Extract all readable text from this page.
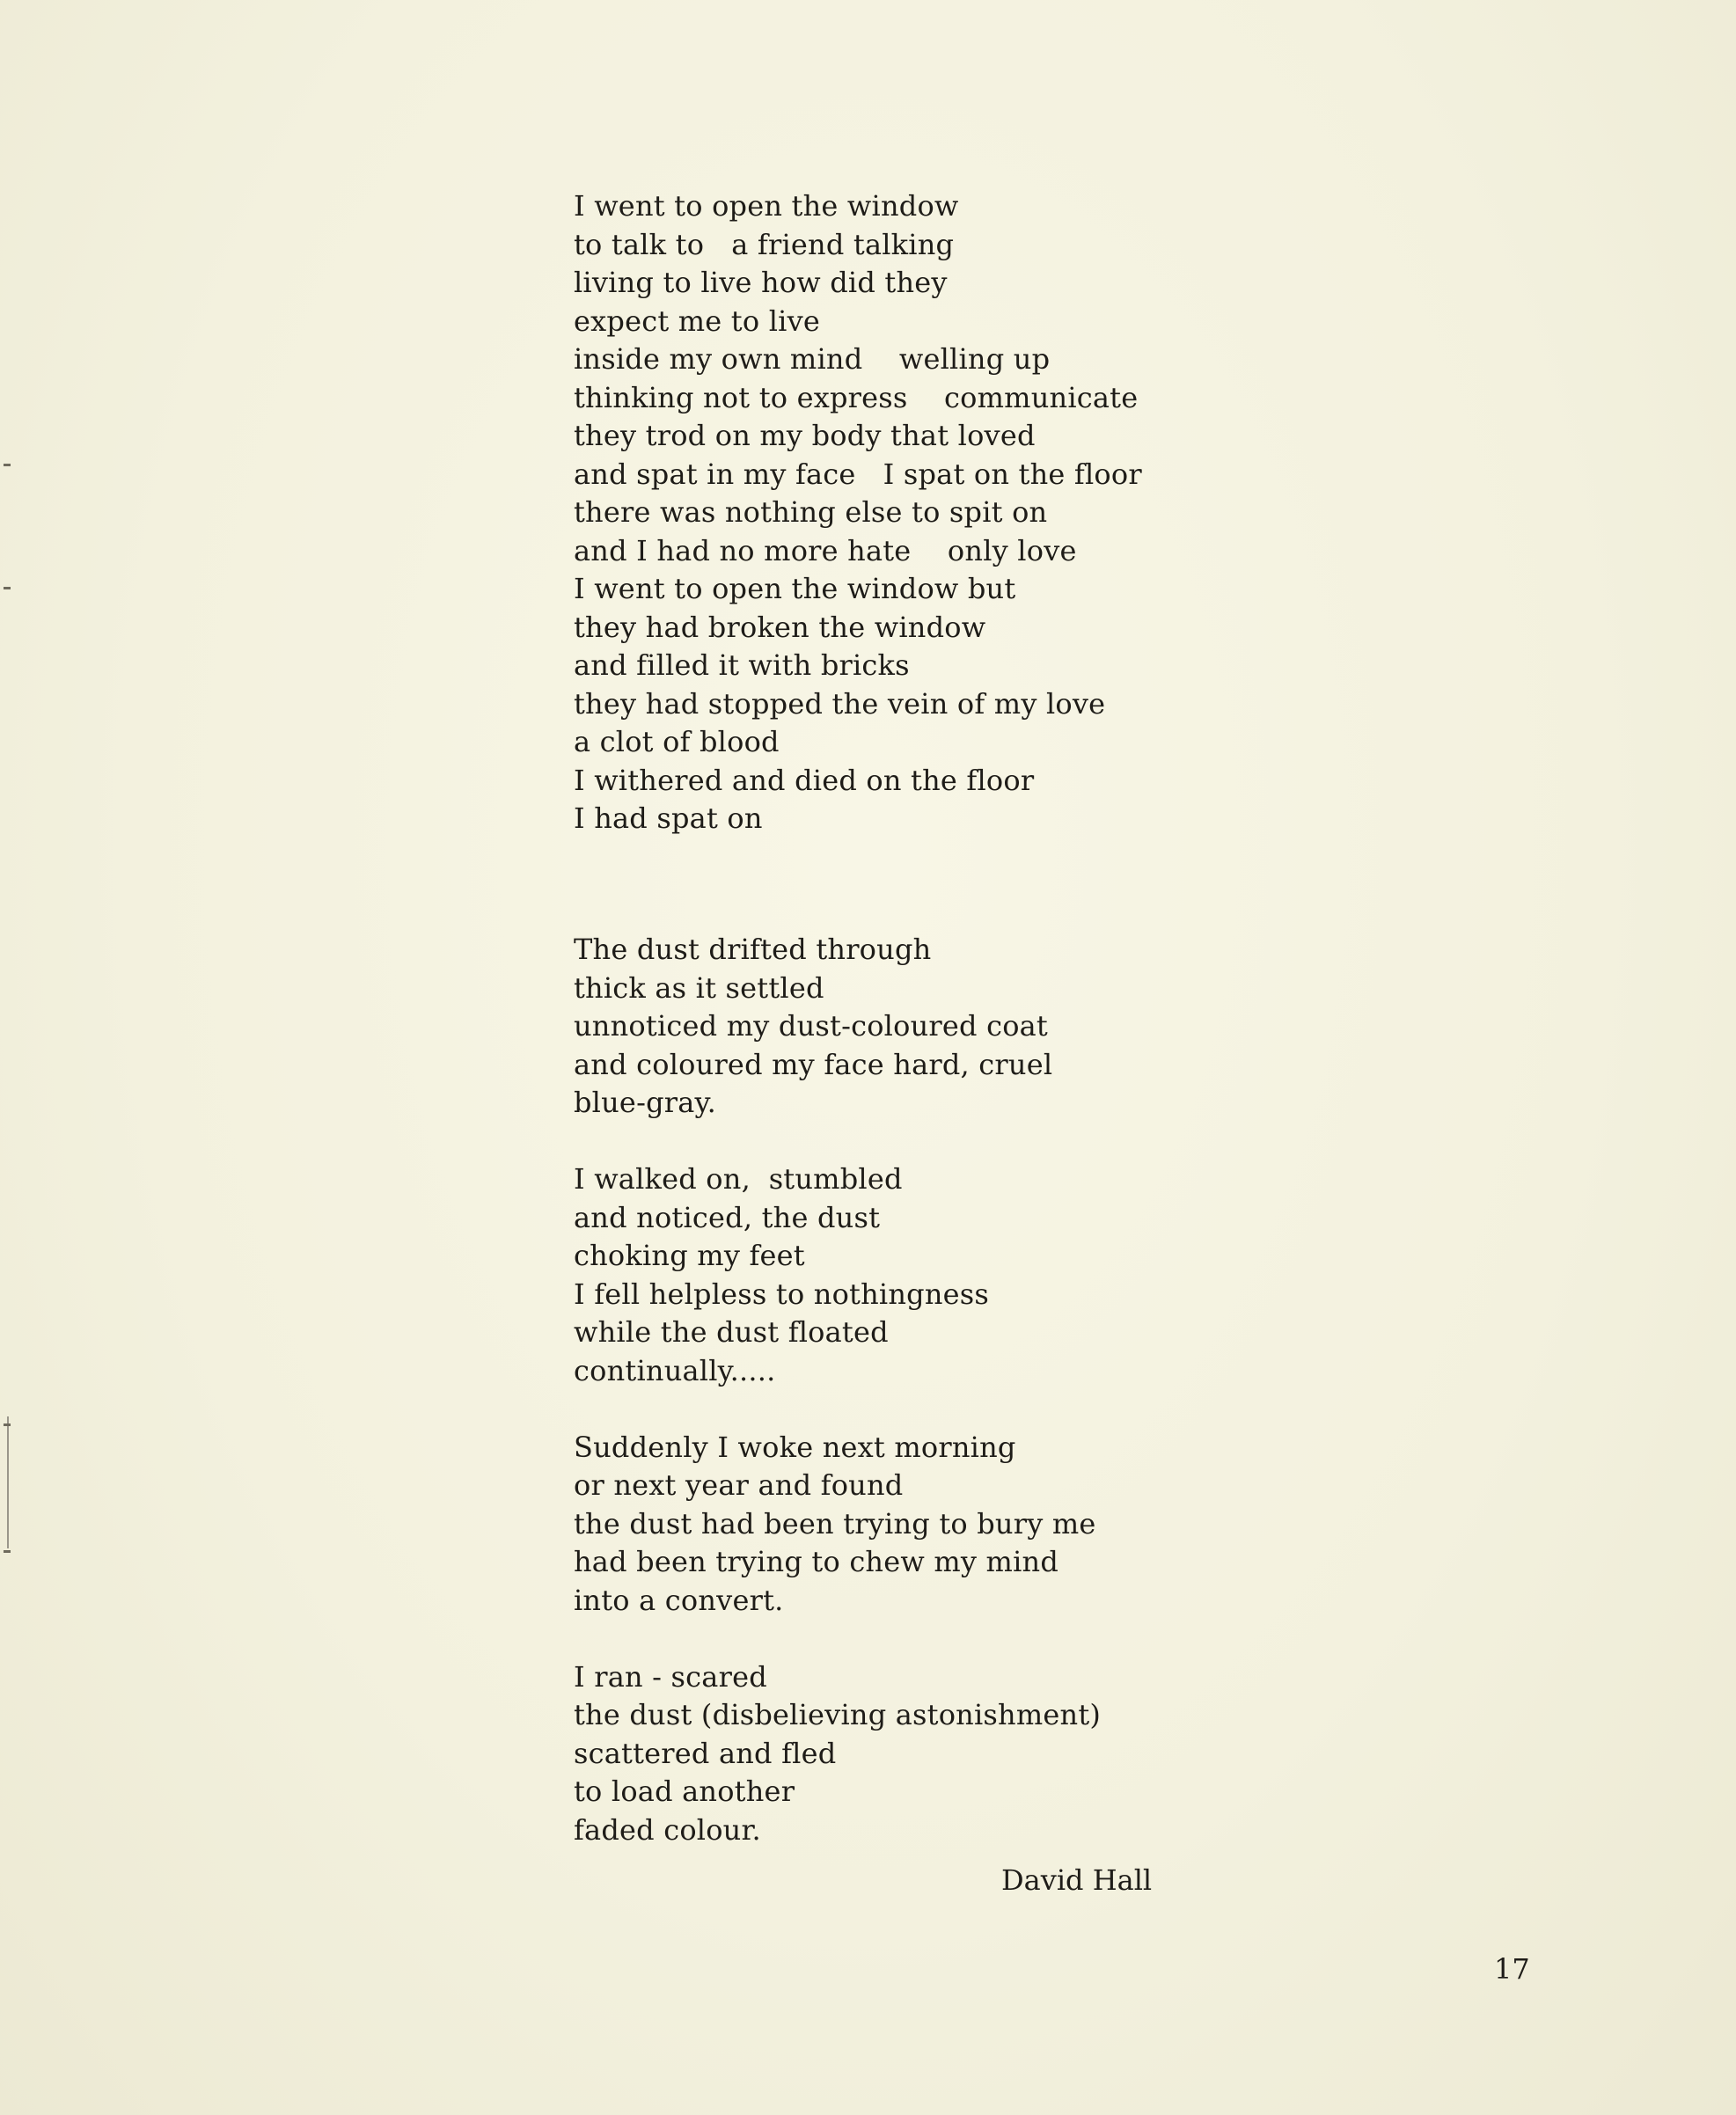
I went to open the window
to talk to   a friend talking
living to live how did they
expect me to live
inside my own mind    welling up
thinking not to express    communicate
they trod on my body that loved
and spat in my face   I spat on the floor
there was nothing else to spit on
and I had no more hate    only love
I went to open the window but
they had broken the window
and filled it with bricks
they had stopped the vein of my love
a clot of blood
I withered and died on the floor
I had spat on
The dust drifted through
thick as it settled
unnoticed my dust-coloured coat
and coloured my face hard, cruel
blue-gray.
I walked on,  stumbled
and noticed, the dust
choking my feet
I fell helpless to nothingness
while the dust floated
continually.....
Suddenly I woke next morning
or next year and found
the dust had been trying to bury me
had been trying to chew my mind
into a convert.
I ran - scared
the dust (disbelieving astonishment)
scattered and fled
to load another
faded colour.
David Hall
17
